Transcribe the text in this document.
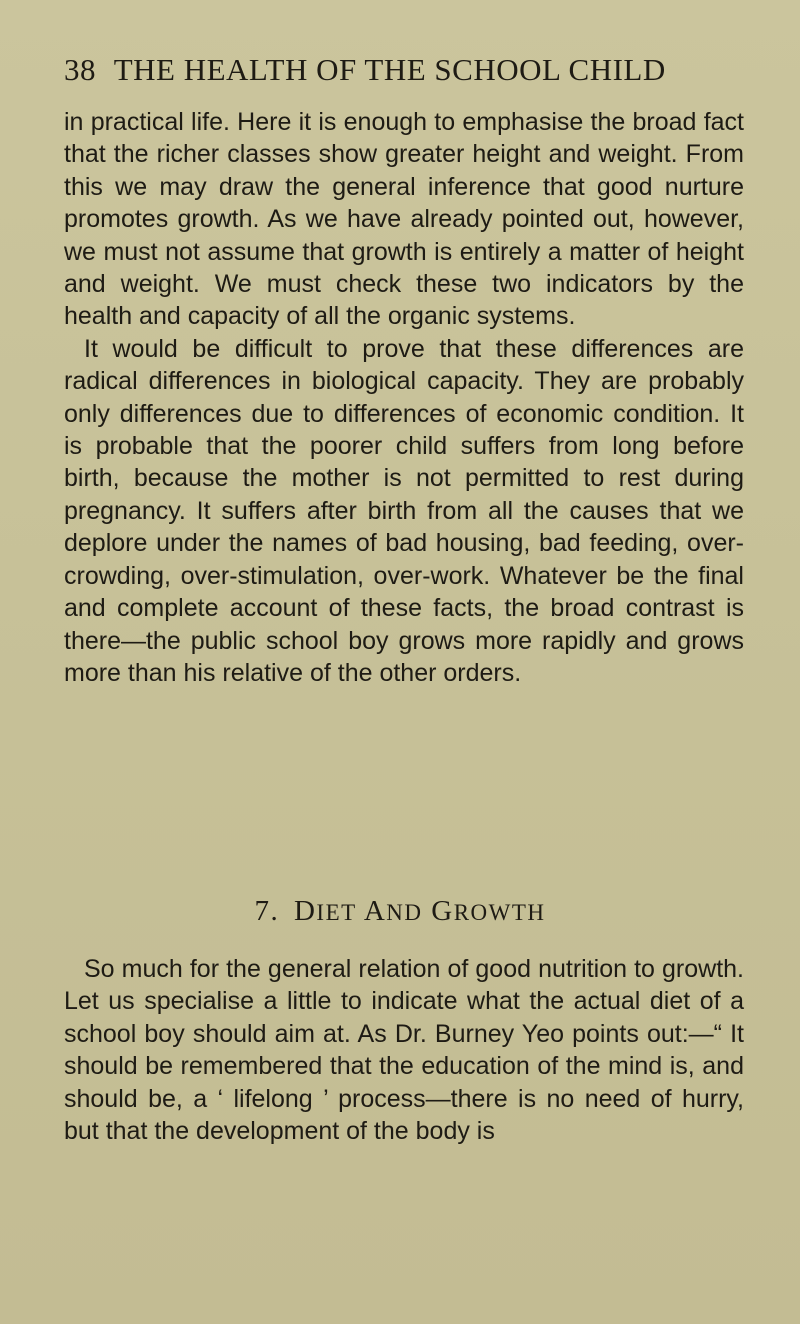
38 THE HEALTH OF THE SCHOOL CHILD

in practical life. Here it is enough to emphasise the broad fact that the richer classes show greater height and weight. From this we may draw the general inference that good nurture promotes growth. As we have already pointed out, however, we must not assume that growth is entirely a matter of height and weight. We must check these two indicators by the health and capacity of all the organic systems.

It would be difficult to prove that these differences are radical differences in biological capacity. They are probably only differences due to differences of economic condition. It is probable that the poorer child suffers from long before birth, because the mother is not permitted to rest during pregnancy. It suffers after birth from all the causes that we deplore under the names of bad housing, bad feeding, over-crowding, over-stimulation, over-work. Whatever be the final and complete account of these facts, the broad contrast is there—the public school boy grows more rapidly and grows more than his relative of the other orders.

7. DIET AND GROWTH

So much for the general relation of good nutrition to growth. Let us specialise a little to indicate what the actual diet of a school boy should aim at. As Dr. Burney Yeo points out:—“ It should be remembered that the education of the mind is, and should be, a ‘ lifelong ’ process—there is no need of hurry, but that the development of the body is
